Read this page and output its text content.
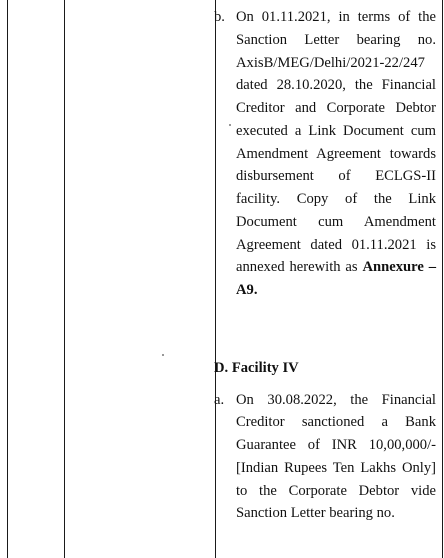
b. On 01.11.2021, in terms of the Sanction Letter bearing no. AxisB/MEG/Delhi/2021-22/247 dated 28.10.2020, the Financial Creditor and Corporate Debtor executed a Link Document cum Amendment Agreement towards disbursement of ECLGS-II facility. Copy of the Link Document cum Amendment Agreement dated 01.11.2021 is annexed herewith as Annexure – A9.
D. Facility IV
a. On 30.08.2022, the Financial Creditor sanctioned a Bank Guarantee of INR 10,00,000/- [Indian Rupees Ten Lakhs Only] to the Corporate Debtor vide Sanction Letter bearing no.
